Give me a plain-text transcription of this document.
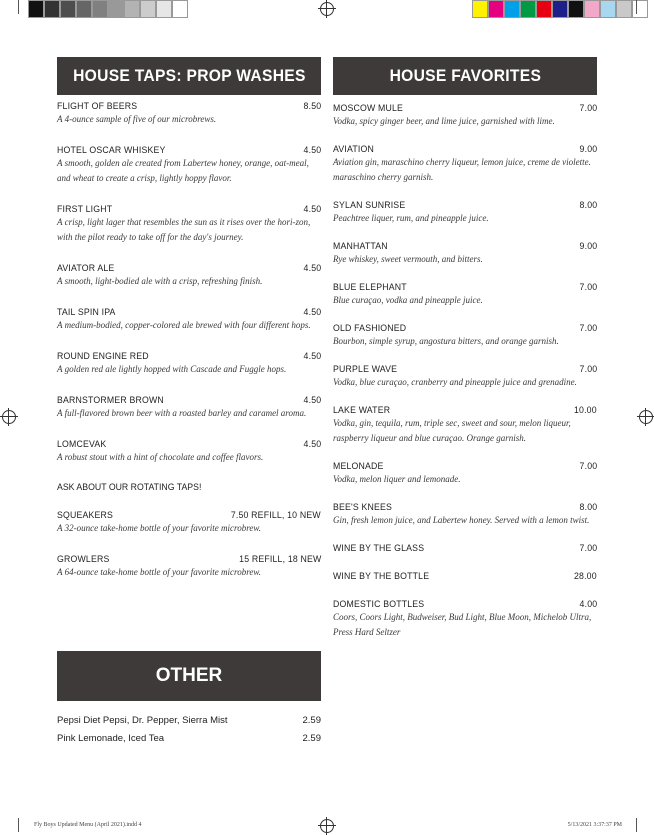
HOUSE TAPS: PROP WASHES
FLIGHT OF BEERS	8.50
A 4-ounce sample of five of our microbrews.
HOTEL OSCAR WHISKEY	4.50
A smooth, golden ale created from Labertew honey, orange, oat-meal, and wheat to create a crisp, lightly hoppy flavor.
FIRST LIGHT	4.50
A crisp, light lager that resembles the sun as it rises over the hori-zon, with the pilot ready to take off for the day's journey.
AVIATOR ALE	4.50
A smooth, light-bodied ale with a crisp, refreshing finish.
TAIL SPIN IPA	4.50
A medium-bodied, copper-colored ale brewed with four different hops.
ROUND ENGINE RED	4.50
A golden red ale lightly hopped with Cascade and Fuggle hops.
BARNSTORMER BROWN	4.50
A full-flavored brown beer with a roasted barley and caramel aroma.
LOMCEVAK	4.50
A robust stout with a hint of chocolate and coffee flavors.
ASK ABOUT OUR ROTATING TAPS!
SQUEAKERS	7.50 REFILL, 10 NEW
A 32-ounce take-home bottle of your favorite microbrew.
GROWLERS	15 REFILL, 18 NEW
A 64-ounce take-home bottle of your favorite microbrew.
OTHER
Pepsi Diet Pepsi, Dr. Pepper, Sierra Mist	2.59
Pink Lemonade, Iced Tea	2.59
HOUSE FAVORITES
MOSCOW MULE	7.00
Vodka, spicy ginger beer, and lime juice, garnished with lime.
AVIATION	9.00
Aviation gin, maraschino cherry liqueur, lemon juice, creme de violette. maraschino cherry garnish.
SYLAN SUNRISE	8.00
Peachtree liquer, rum, and pineapple juice.
MANHATTAN	9.00
Rye whiskey, sweet vermouth, and bitters.
BLUE ELEPHANT	7.00
Blue curaçao, vodka and pineapple juice.
OLD FASHIONED	7.00
Bourbon, simple syrup, angostura bitters, and orange garnish.
PURPLE WAVE	7.00
Vodka, blue curaçao, cranberry and pineapple juice and grenadine.
LAKE WATER	10.00
Vodka, gin, tequila, rum, triple sec, sweet and sour, melon liqueur, raspberry liqueur and blue curaçao. Orange garnish.
MELONADE	7.00
Vodka, melon liquer and lemonade.
BEE'S KNEES	8.00
Gin, fresh lemon juice, and Labertew honey. Served with a lemon twist.
WINE BY THE GLASS	7.00
WINE BY THE BOTTLE	28.00
DOMESTIC BOTTLES	4.00
Coors, Coors Light, Budweiser, Bud Light, Blue Moon, Michelob Ultra, Press Hard Seltzer
Fly Boys Updated Menu (April 2021).indd 4	5/13/2021 3:37:37 PM
